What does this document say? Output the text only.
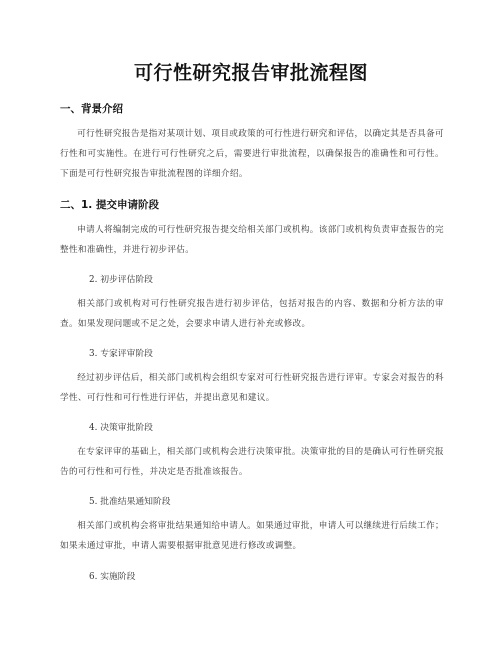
可行性研究报告审批流程图
一、背景介绍
可行性研究报告是指对某项计划、项目或政策的可行性进行研究和评估，以确定其是否具备可行性和可实施性。在进行可行性研究之后，需要进行审批流程，以确保报告的准确性和可行性。下面是可行性研究报告审批流程图的详细介绍。
二、1. 提交申请阶段
申请人将编制完成的可行性研究报告提交给相关部门或机构。该部门或机构负责审查报告的完整性和准确性，并进行初步评估。
2. 初步评估阶段
相关部门或机构对可行性研究报告进行初步评估，包括对报告的内容、数据和分析方法的审查。如果发现问题或不足之处，会要求申请人进行补充或修改。
3. 专家评审阶段
经过初步评估后，相关部门或机构会组织专家对可行性研究报告进行评审。专家会对报告的科学性、可行性和可行性进行评估，并提出意见和建议。
4. 决策审批阶段
在专家评审的基础上，相关部门或机构会进行决策审批。决策审批的目的是确认可行性研究报告的可行性和可行性，并决定是否批准该报告。
5. 批准结果通知阶段
相关部门或机构会将审批结果通知给申请人。如果通过审批，申请人可以继续进行后续工作；如果未通过审批，申请人需要根据审批意见进行修改或调整。
6. 实施阶段
